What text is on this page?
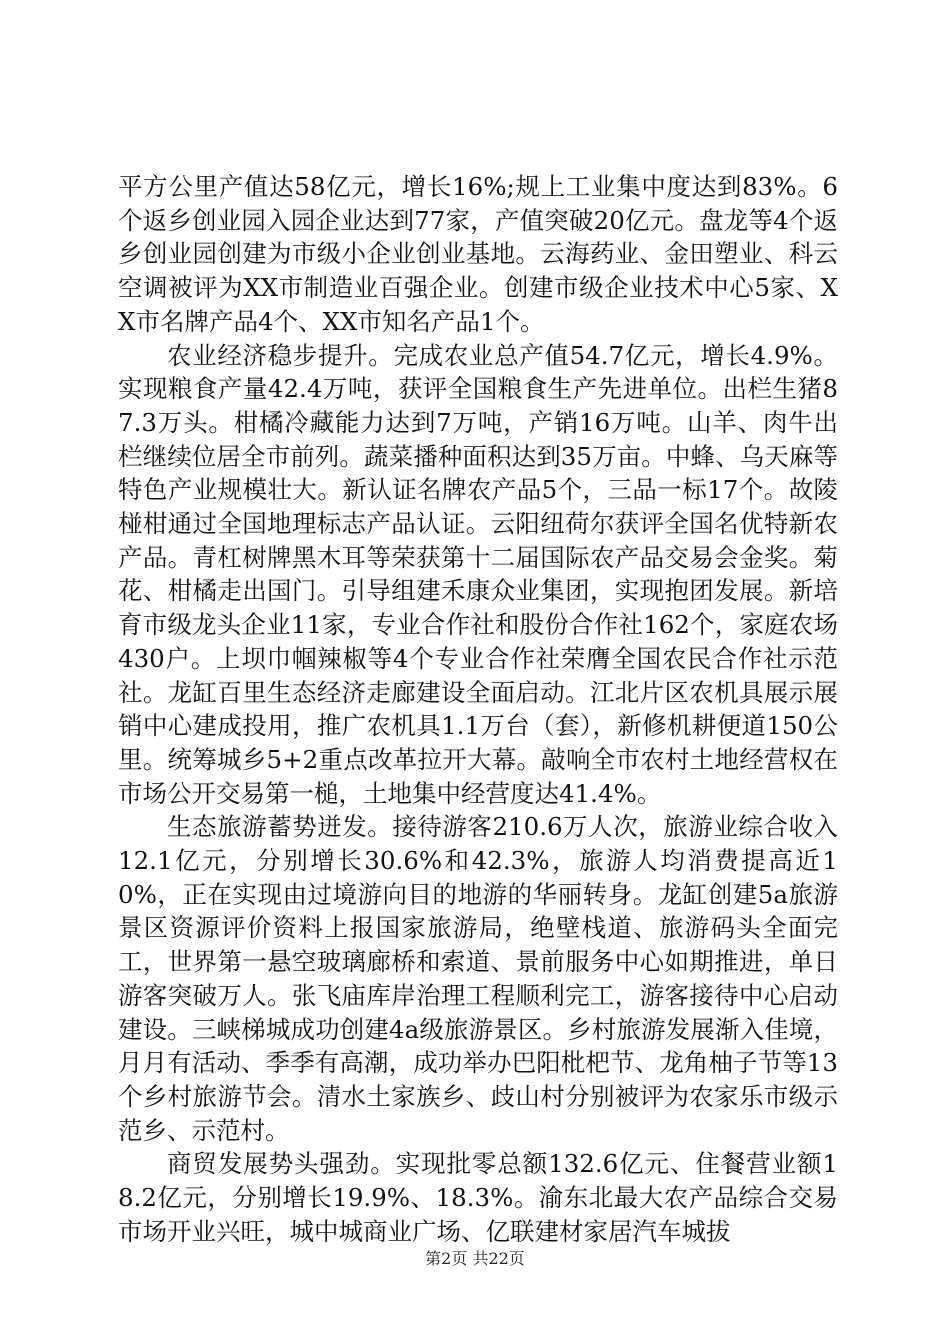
平方公里产值达58亿元，增长16%;规上工业集中度达到83%。6个返乡创业园入园企业达到77家，产值突破20亿元。盘龙等4个返乡创业园创建为市级小企业创业基地。云海药业、金田塑业、科云空调被评为XX市制造业百强企业。创建市级企业技术中心5家、XX市名牌产品4个、XX市知名产品1个。

农业经济稳步提升。完成农业总产值54.7亿元，增长4.9%。实现粮食产量42.4万吨，获评全国粮食生产先进单位。出栏生猪87.3万头。柑橘冷藏能力达到7万吨，产销16万吨。山羊、肉牛出栏继续位居全市前列。蔬菜播种面积达到35万亩。中蜂、乌天麻等特色产业规模壮大。新认证名牌农产品5个，三品一标17个。故陵椪柑通过全国地理标志产品认证。云阳纽荷尔获评全国名优特新农产品。青杠树牌黑木耳等荣获第十二届国际农产品交易会金奖。菊花、柑橘走出国门。引导组建禾康众业集团，实现抱团发展。新培育市级龙头企业11家，专业合作社和股份合作社162个，家庭农场430户。上坝巾帼辣椒等4个专业合作社荣膺全国农民合作社示范社。龙缸百里生态经济走廊建设全面启动。江北片区农机具展示展销中心建成投用，推广农机具1.1万台（套），新修机耕便道150公里。统筹城乡5+2重点改革拉开大幕。敲响全市农村土地经营权在市场公开交易第一槌，土地集中经营度达41.4%。

生态旅游蓄势迸发。接待游客210.6万人次，旅游业综合收入12.1亿元，分别增长30.6%和42.3%，旅游人均消费提高近10%，正在实现由过境游向目的地游的华丽转身。龙缸创建5a旅游景区资源评价资料上报国家旅游局，绝壁栈道、旅游码头全面完工，世界第一悬空玻璃廊桥和索道、景前服务中心如期推进，单日游客突破万人。张飞庙库岸治理工程顺利完工，游客接待中心启动建设。三峡梯城成功创建4a级旅游景区。乡村旅游发展渐入佳境，月月有活动、季季有高潮，成功举办巴阳枇杷节、龙角柚子节等13个乡村旅游节会。清水土家族乡、歧山村分别被评为农家乐市级示范乡、示范村。

商贸发展势头强劲。实现批零总额132.6亿元、住餐营业额18.2亿元，分别增长19.9%、18.3%。渝东北最大农产品综合交易市场开业兴旺，城中城商业广场、亿联建材家居汽车城拔

第2页 共22页
